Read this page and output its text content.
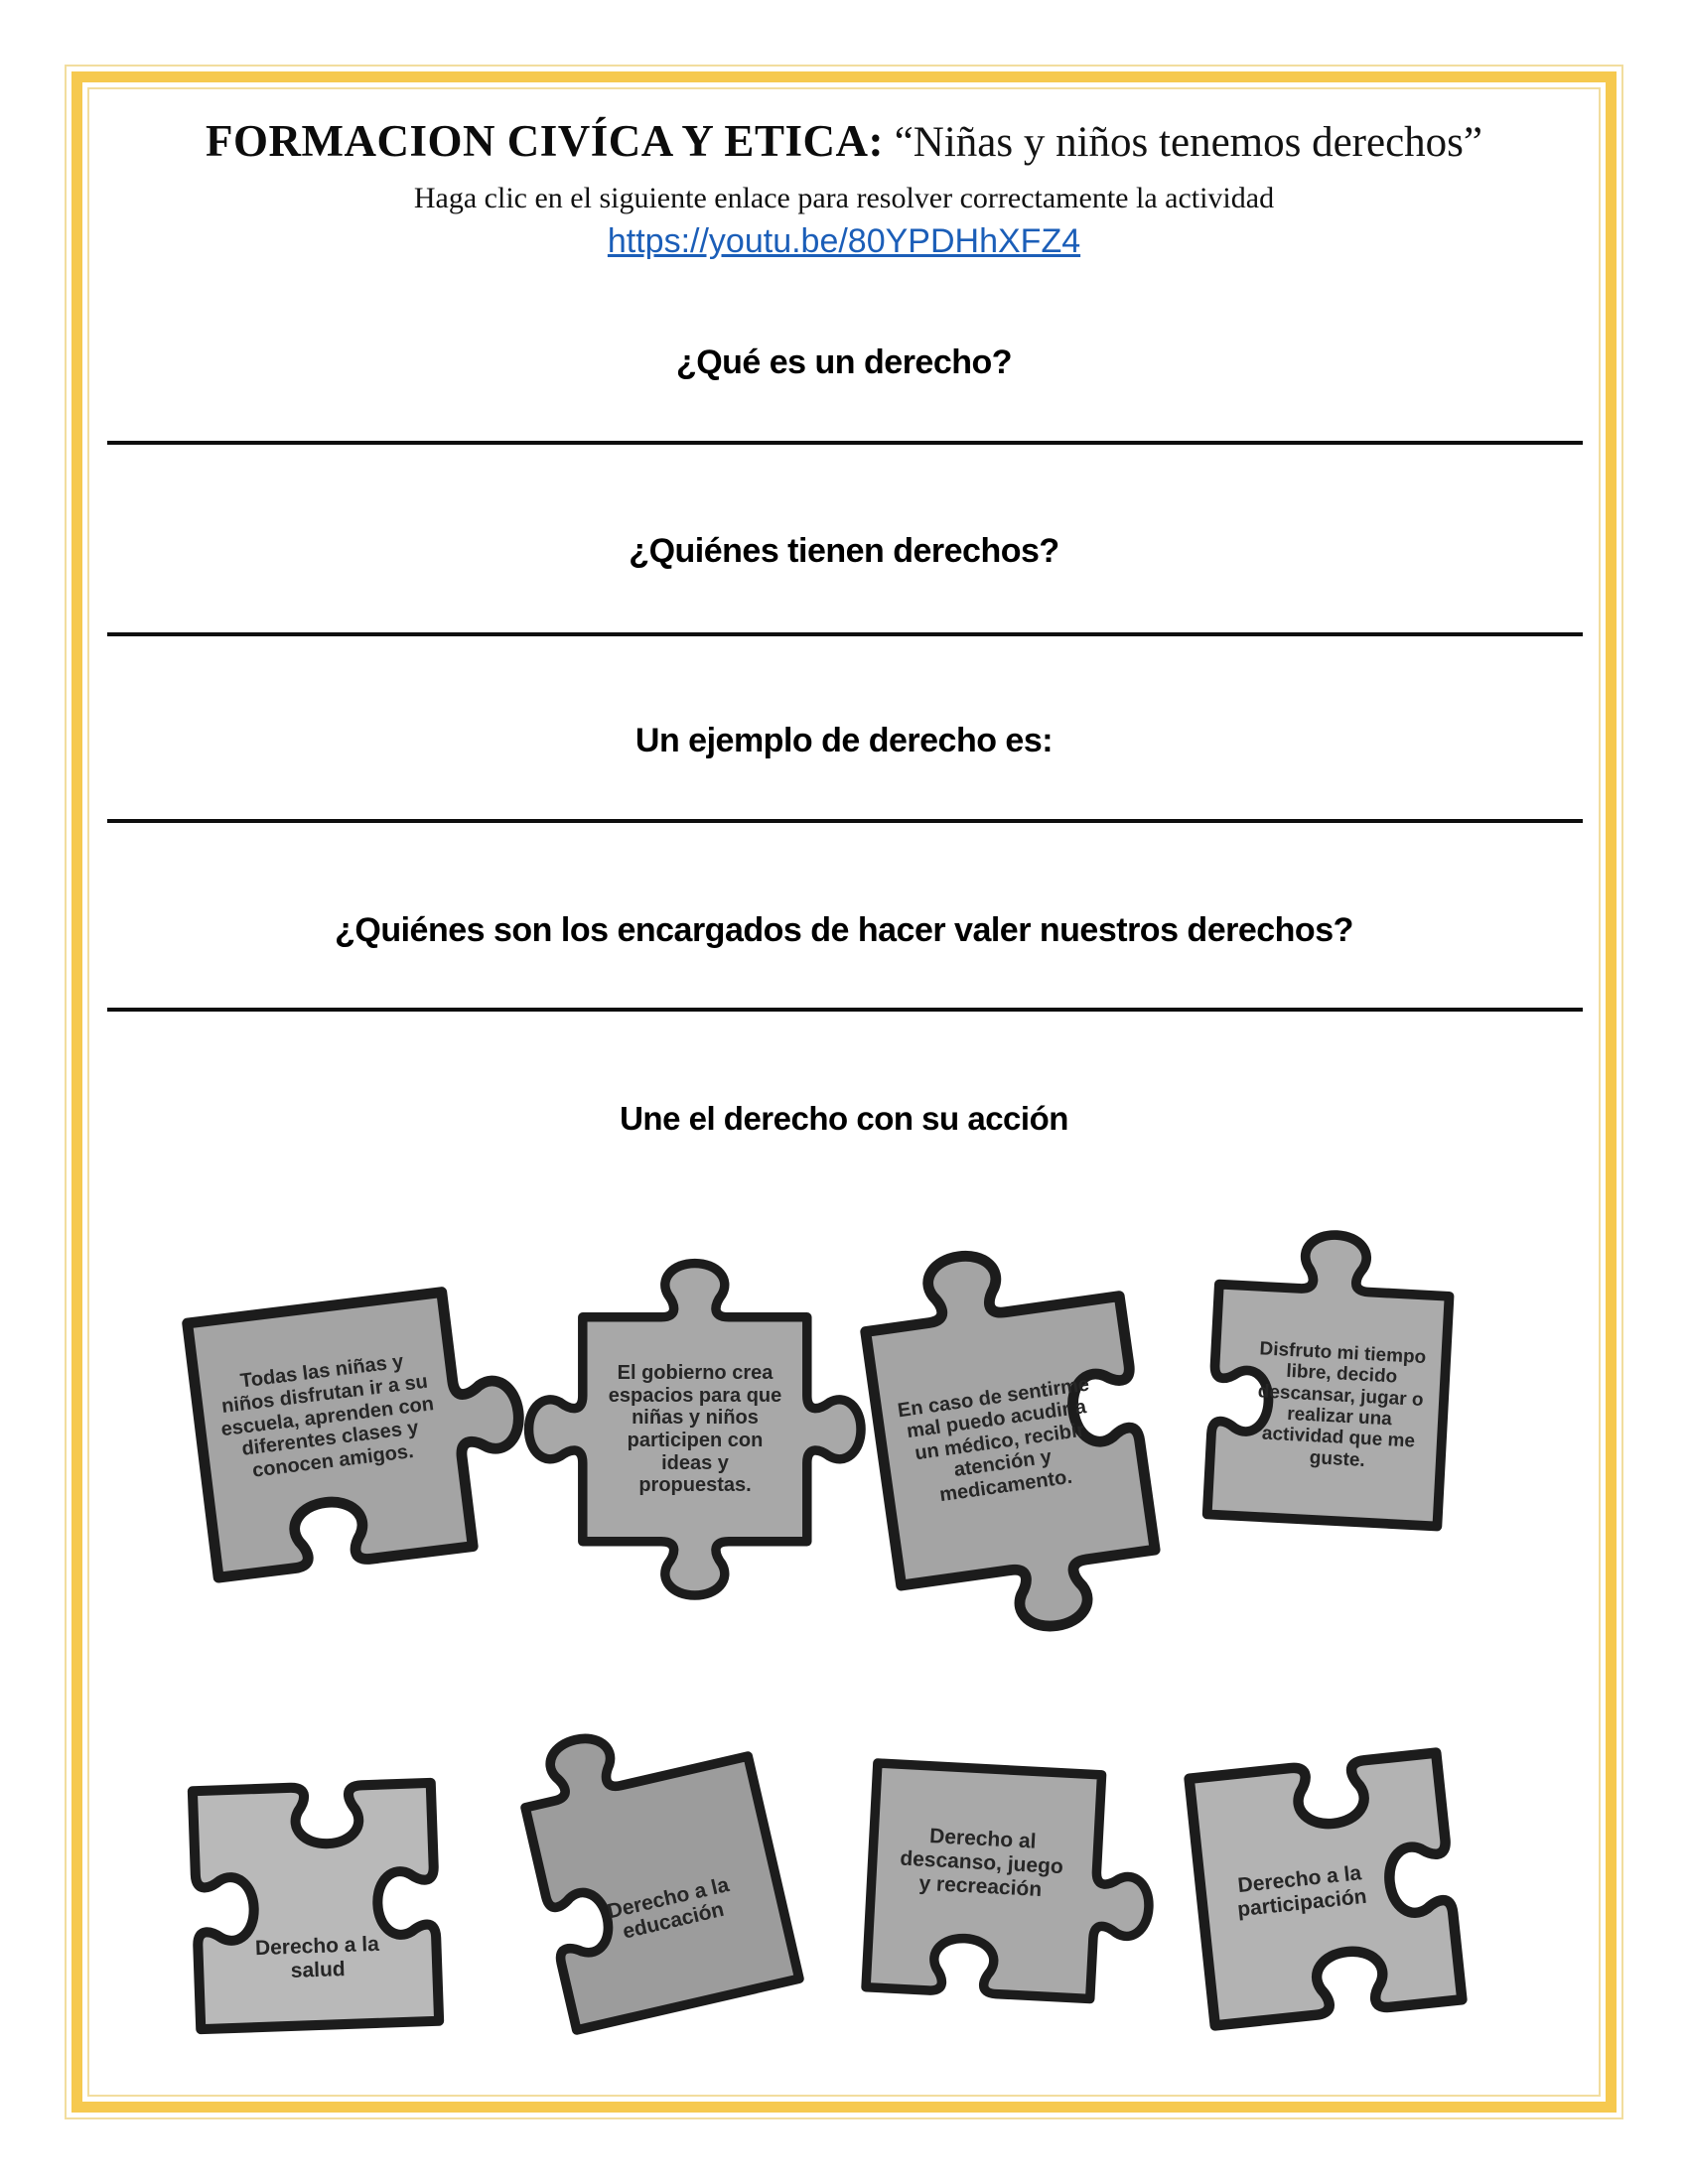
FORMACION CIVÍCA Y ETICA: “Niñas y niños tenemos derechos”

Haga clic en el siguiente enlace para resolver correctamente la actividad

https://youtu.be/80YPDHhXFZ4

¿Qué es un derecho?
¿Quiénes tienen derechos?
Un ejemplo de derecho es:
¿Quiénes son los encargados de hacer valer nuestros derechos?
Une el derecho con su acción
Todas las niñas y niños disfrutan ir a su escuela, aprenden con diferentes clases y conocen amigos.
El gobierno crea espacios para que niñas y niños participen con ideas y propuestas.
En caso de sentirme mal puedo acudir a un médico, recibir atención y medicamento.
Disfruto mi tiempo libre, decido descansar, jugar o realizar una actividad que me guste.
Derecho a la salud
Derecho a la educación
Derecho al descanso, juego y recreación	Derecho a la participación
